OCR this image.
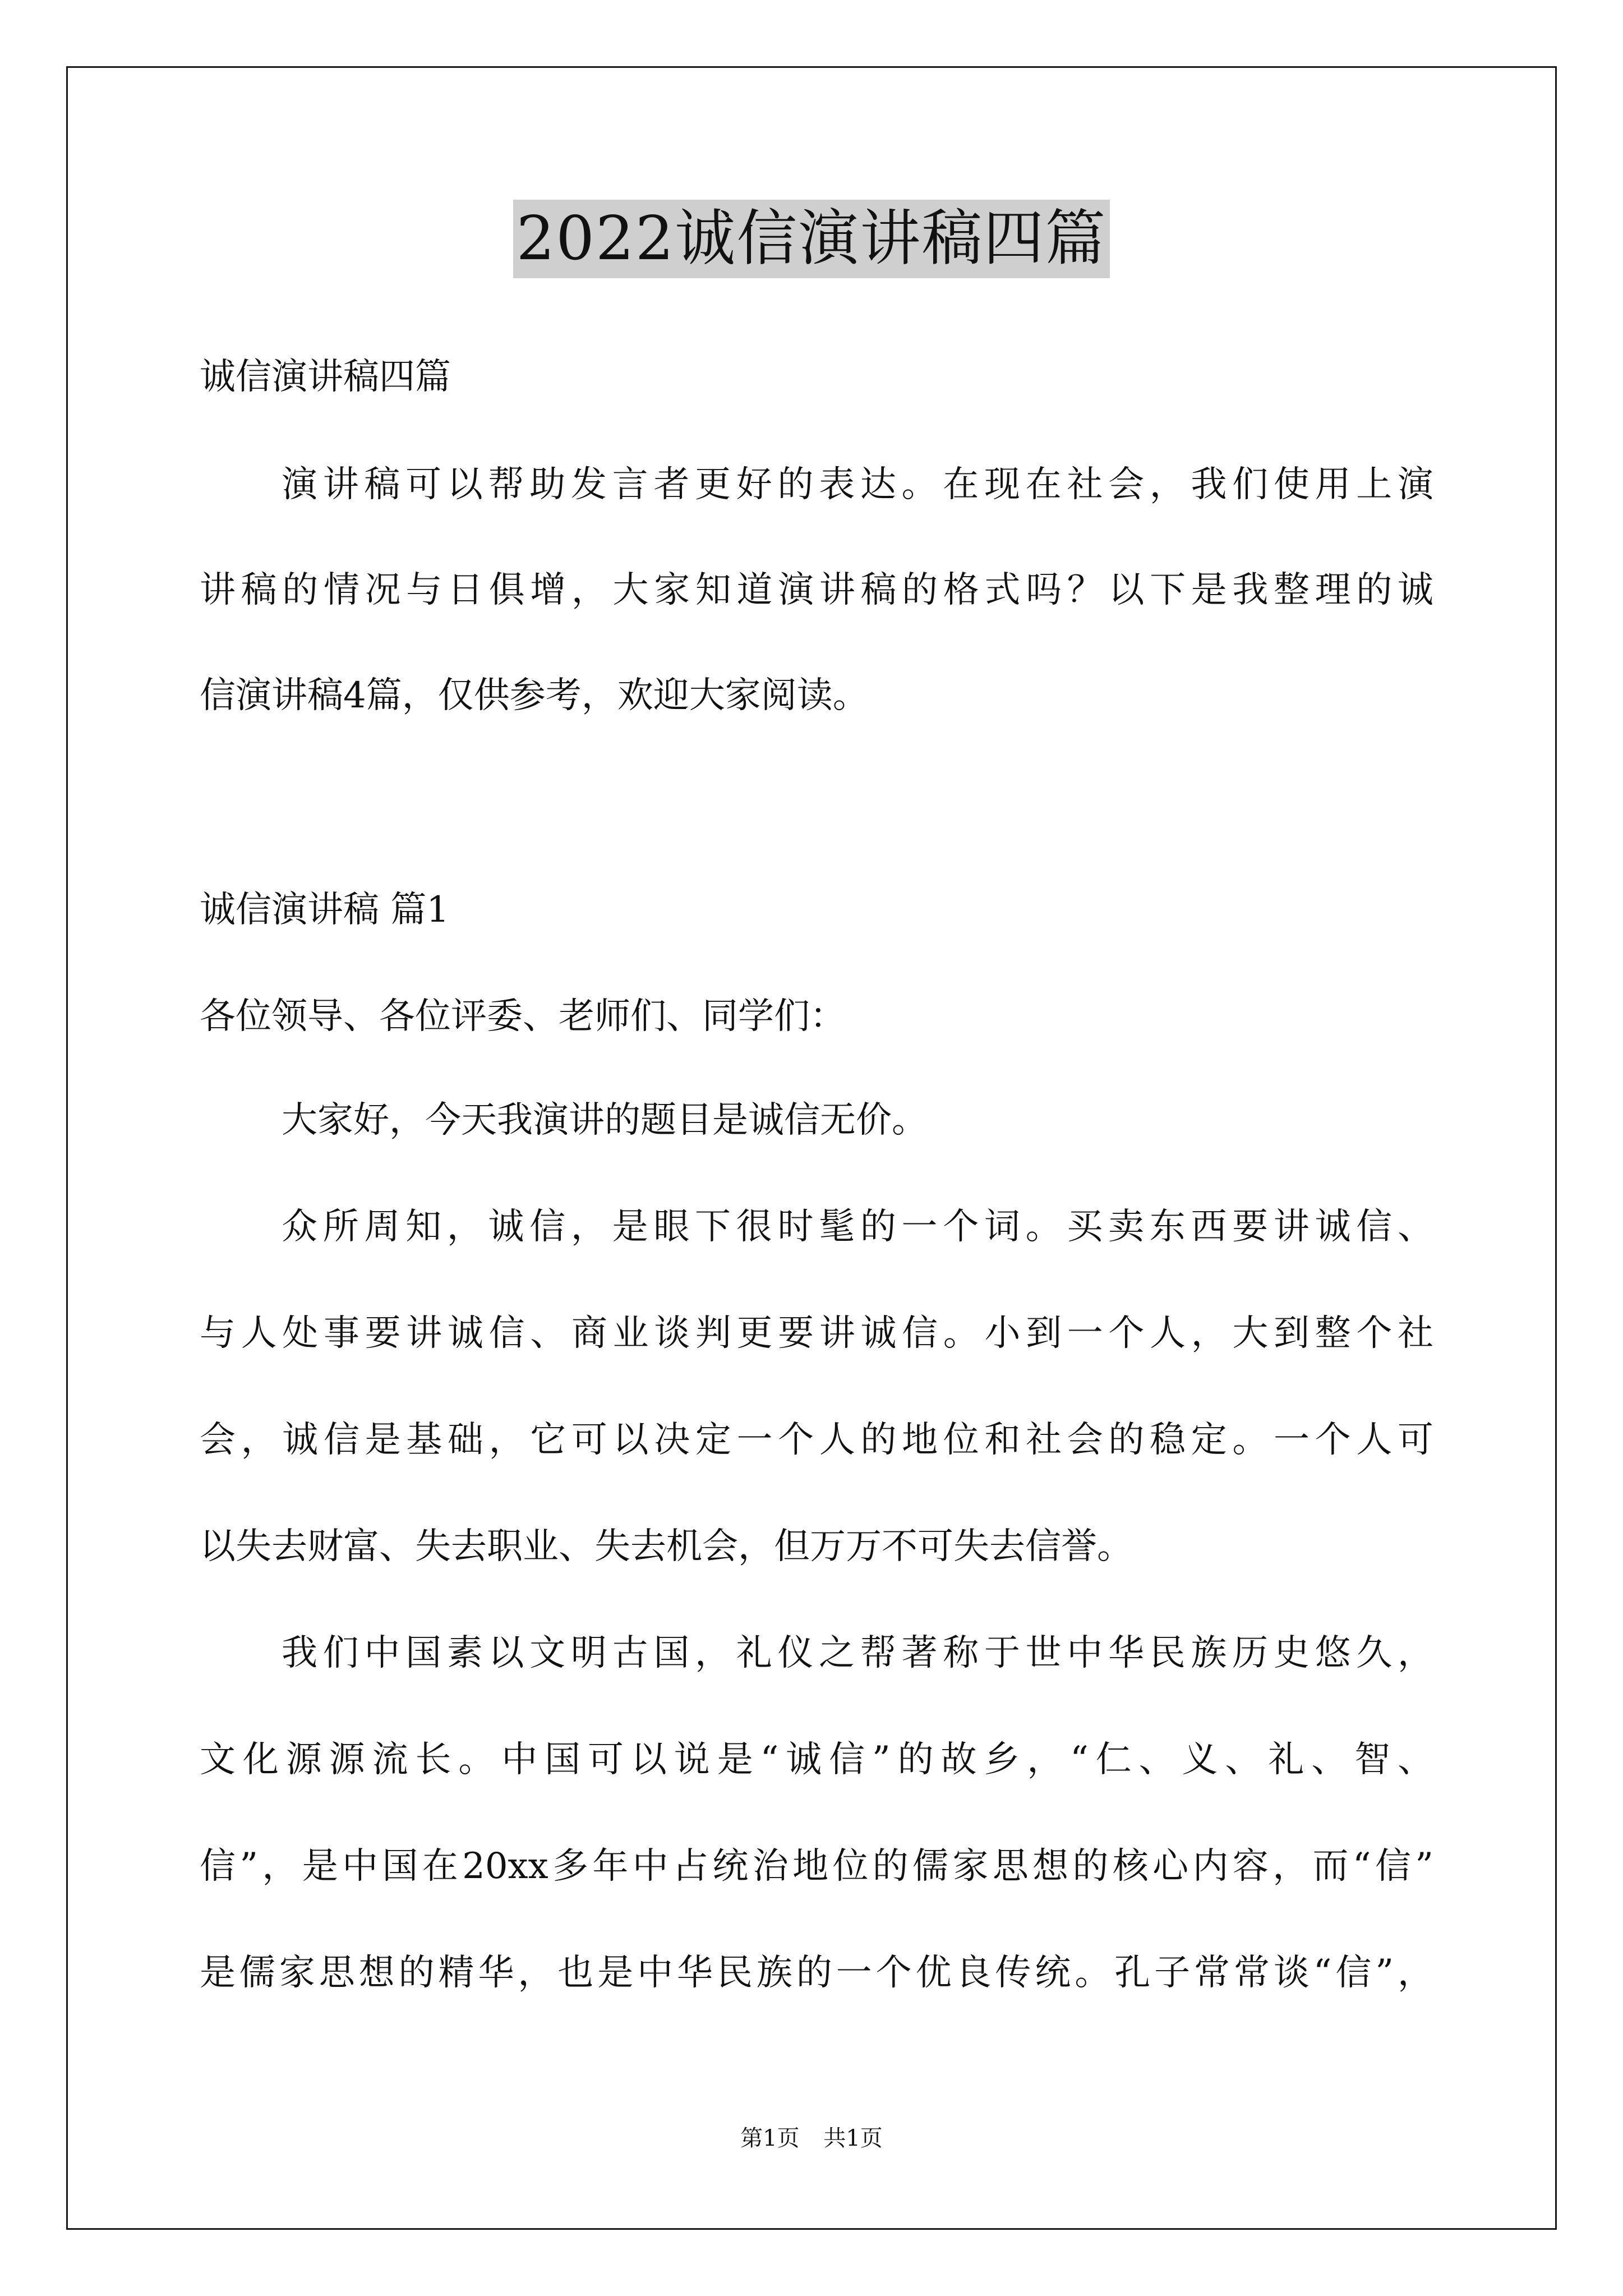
2022诚信演讲稿四篇
诚信演讲稿四篇
演讲稿可以帮助发言者更好的表达。在现在社会，我们使用上演
讲稿的情况与日俱增，大家知道演讲稿的格式吗？以下是我整理的诚
信演讲稿4篇，仅供参考，欢迎大家阅读。
诚信演讲稿 篇1
各位领导、各位评委、老师们、同学们：
大家好，今天我演讲的题目是诚信无价。
众所周知，诚信，是眼下很时髦的一个词。买卖东西要讲诚信、
与人处事要讲诚信、商业谈判更要讲诚信。小到一个人，大到整个社
会，诚信是基础，它可以决定一个人的地位和社会的稳定。一个人可
以失去财富、失去职业、失去机会，但万万不可失去信誉。
我们中国素以文明古国，礼仪之帮著称于世中华民族历史悠久，
文化源源流长。中国可以说是“诚信”的故乡，“仁、义、礼、智、
信”，是中国在20xx多年中占统治地位的儒家思想的核心内容，而“信”
是儒家思想的精华，也是中华民族的一个优良传统。孔子常常谈“信”，
第1页 共1页
